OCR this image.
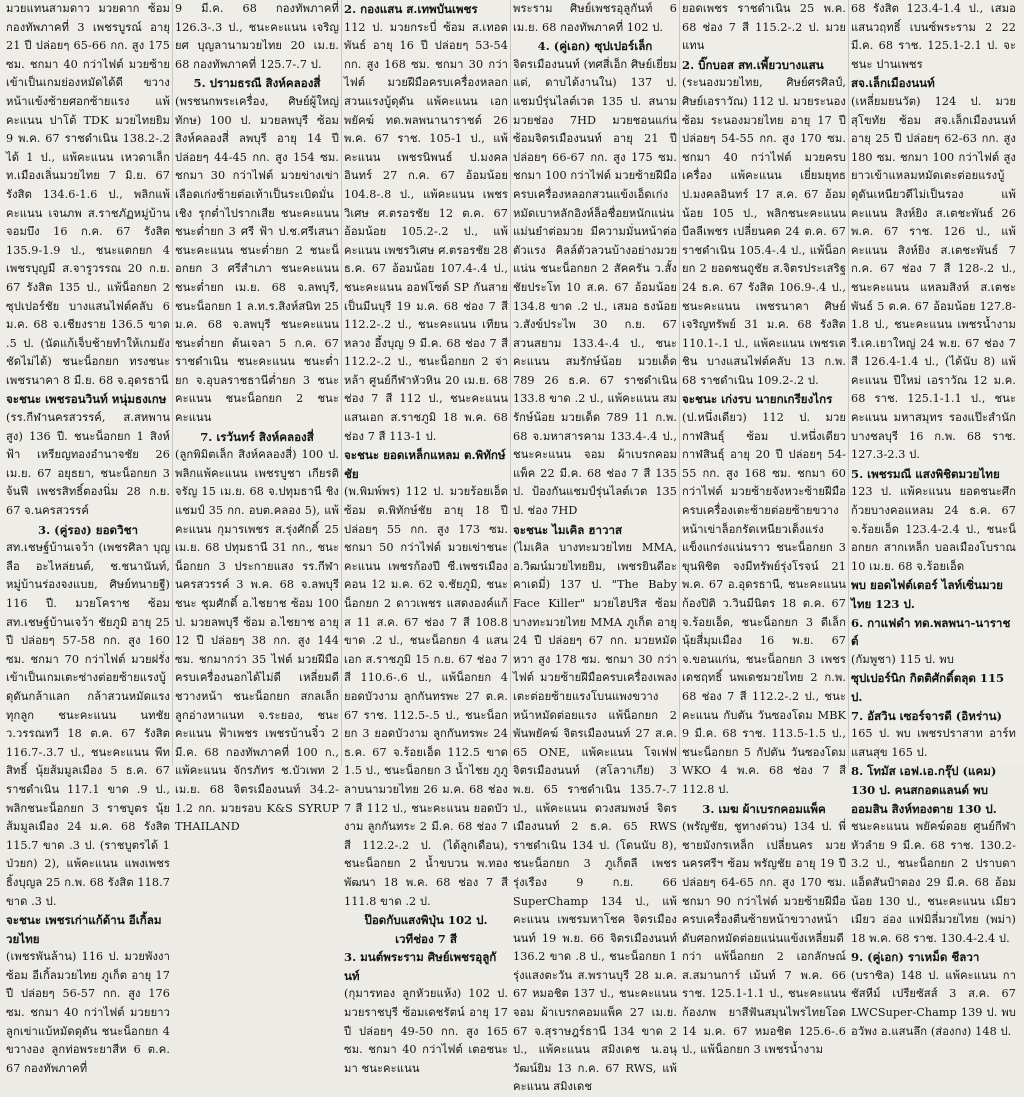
มวยแทนสามดาว มวยดาก ซ้อมกองทัพภาคที่ 3 เพชรบูรณ์ อายุ 21 ปี ปล่อยๆ 65-66 กก. สูง 175 ซม. ชกมา 40 กว่าไฟต์ มวยซ้ายเข้าเป็นเกมย่องหมัดได้ดี ขวางหน้าแข้งซ้ายศอกซ้ายแรง แพ้คะแนน ปาโต้ TDK มวยไทยยิม 9 พ.ค. 67 ราชดำเนิน 138.2-.2 ได้ 1 ป., แพ้คะแนน เหวดาเล็ก ท.เมืองเลิ่นมวยไทย 7 มิ.ย. 67 รังสิต 134.6-1.6 ป., พลิกแพ้คะแนน เจนภพ ส.ราชภัฏหมู่บ้านจอมบึง 16 ก.ค. 67 รังสิต 135.9-1.9 ป., ชนะแตกยก 4 เพชรบุญมี ส.จารูวรรณ 20 ก.ย. 67 รังสิต 135 ป., แพ้น็อกยก 2 ซุปเปอร์ชัย บางแสนไฟต์คลับ 6 ม.ค. 68 จ.เชียงราย 136.5 ขาด .5 ป. (นัดแก้เจ็บช้ายทำให้เกมยังชัดไม่ได้) ชนะน็อกยก ทรงชนะ เพชรนาคา 8 มี.ย. 68 จ.อุดรธานี

จะชนะ เพชรอนวินท์ หนุ่มธงเกษ

(รร.กีฬานครสวรรค์, ส.สหพานสูง) 136 ปี. ชนะน็อกยก 1 สิงห์ฟ้า เหรียญทองอำนาจชัย 26 เม.ย. 67 อยุธยา, ชนะน็อกยก 3 จ้นฟี เพชรสิทธิ์ตองนิ่ม 28 ก.ย. 67 จ.นครสวรรค์

3. (คู่รอง) ยอดวิชา

สท.เชษฐ์บ้านเจว้า (เพชรศิลา บุญลือ อะไหล่ยนต์, ช.ชนานันท์, หมู่บ้านร่องจงแบย, ศิษย์ทนายฐี) 116 ปี. มวยโคราช ซ้อม สท.เชษฐ์บ้านเจว้า ชัยภูมิ อายุ 25 ปี ปล่อยๆ 57-58 กก. สูง 160 ซม. ชกมา 70 กว่าไฟต์ มวยฝรั่งเข้าเป็นเกมเตะซ่างต่อยซ้ายแรงบู้ดุดันกล้าแลก กล้าสวนหมัดแรงทุกลูก ชนะคะแนน นทชัย ว.วรรณทวี 18 ต.ค. 67 รังสิต 116.7-.3.7 ป., ชนะคะแนน พีทสิทธิ์ นุ้ยส้มมูลเมือง 5 ธ.ค. 67 ราชดำเนิน 117.1 ขาด .9 ป., พลิกชนะน็อกยก 3 ราชบูตร นุ้ยส้มมูลเมือง 24 ม.ค. 68 รังสิต 115.7 ขาด .3 ป. (ราชบูตรได้ 1 ป่วยก) 2), แพ้คะแนน แพงเพชร ธิ้งบุญล 25 ก.พ. 68 รังสิต 118.7 ขาด .3 ป.

จะชนะ เพชรเก่าแก้ด้าน อีเกิ้ลมวยไทย

(เพชรพันล้าน) 116 ป. มวยพังงา ซ้อม อีเกิ้ลมวยไทย ภูเก็ต อายุ 17 ปี ปล่อยๆ 56-57 กก. สูง 176 ซม. ชกมา 40 กว่าไฟต์ มวยยาวลูกเข่าแบ้หมัดดุดัน ชนะน็อกยก 4 ขวางอง ลูกท่อพระยาสีห 6 ต.ค. 67 กองทัพภาคที่

9 มี.ค. 68 กองทัพภาคที่ 126.3-.3 ป., ชนะคะแนน เจริญยศ บุญลานามวยไทย 20 เม.ย. 68 กองทัพภาคที่ 125.7-.7 ป.

5. ปรามธรณี สิงห์คลองสี่

(พรชนกพระเครื่อง, ศิษย์ผู้ใหญ่ทักษ) 100 ป. มวยลพบุรี ซ้อม สิงห์คลองสี่ ลพบุรี อายุ 14 ปี ปล่อยๆ 44-45 กก. สูง 154 ซม. ชกมา 30 กว่าไฟต์ มวยข่างเข่าเลือดเก่งซ้ายต่อเท้าเป็นระเบิดมั่นเชิง รุกต่ำไปรากเสีย ชนะคะแนน ชนะต่ำยก 3 ศรี ฟ้า ป.ช.ศรีเสนา ชนะคะแนน ชนะต่ำยก 2 ชนะน็อกยก 3 ศรีสำเภา ชนะคะแนน ชนะต่ำยก เม.ย. 68 จ.ลพบุรี, ชนะน็อกยก 1 ล.ท.ร.สิงห์สนิท 25 ม.ค. 68 จ.ลพบุรี ชนะคะแนน ชนะต่ำยก ต้นเจลา 5 ก.ค. 67 ราชดำเนิน ชนะคะแนน ชนะต่ำยก จ.อุบลราชธานีต่ำยก 3 ชนะคะแนน ชนะน็อกยก 2 ชนะคะแนน

7. เรวันทร์ สิงห์คลองสี่

(ลูกพิมิตเล็ก สิงห์คลองสี่) 100 ป. พลิกแพ้คะแนน เพชรบูชา เกียรติจรัญ 15 เม.ย. 68 จ.ปทุมธานี ชิงแชมป์ 35 กก. อบต.คลอง 5), แพ้คะแนน กุมารเพชร ส.รุ่งศักดิ์ 25 เม.ย. 68 ปทุมธานี 31 กก., ชนะน็อกยก 3 ประกายแสง รร.กีฬานครสวรรค์ 3 พ.ค. 68 จ.ลพบุรี ชนะ ชุมศักดิ์ อ.ไชยาช ซ้อม 100 ป. มวยลพบุรี ซ้อม อ.ไชยาช อายุ 12 ปี ปล่อยๆ 38 กก. สูง 144 ซม. ชกมากว่า 35 ไฟต์ มวยฝีมือครบเครื่องนอกได้ไม่ดี เหลี่ยมดีชวางหน้า ชนะน็อกยก สกลเล็ก ลูกอ่างหาแนท จ.ระยอง, ชนะคะแนน ฟ้าเพชร เพชรบ้านจิ๋ว 2 มี.ค. 68 กองทัพภาคที่ 100 ก., แพ้คะแนน จักรภัทร ช.บัวเพท 2 เม.ย. 68 จิตรเมืองนนท์ 34.2-1.2 กก. มวยรอบ K&S SYRUP THAILAND

2. กองแสน ส.เทพบันเพชร

112 ป. มวยกระบี่ ซ้อม ส.เทอดพันธ์ อายุ 16 ปี ปล่อยๆ 53-54 กก. สูง 168 ซม. ชกมา 30 กว่าไฟต์ มวยฝีมือครบเครื่องหลอกสวนแรงบู้ดุดัน แพ้คะแนน เอกพยัคฆ์ ทด.พลพนานาราชต์ 26 พ.ค. 67 ราช. 105-1 ป., แพ้คะแนน เพชรนิพนธ์ ป.มงคลอินทร์ 27 ก.ค. 67 อ้อมน้อย 104.8-.8 ป., แพ้คะแนน เพชรวิเศษ ศ.ตรอรชัย 12 ต.ค. 67 อ้อมน้อย 105.2-.2 ป., แพ้คะแนน เพชรวิเศษ ศ.ตรอรชัย 28 ธ.ค. 67 อ้อมน้อย 107.4-.4 ป., ชนะคะแนน ออฟโซต์ SP กันสายเป็นมีนบุรี 19 ม.ค. 68 ช่อง 7 สี 112.2-.2 ป., ชนะคะแนน เทียนหลวง อึ้งบุญ 9 มี.ค. 68 ช่อง 7 สี 112.2-.2 ป., ชนะน็อกยก 2 จ่าหล้า ศูนย์กีฬาหัวหิน 20 เม.ย. 68 ช่อง 7 สี 112 ป., ชนะคะแนน แสนเอก ส.ราชภูมิ 18 พ.ค. 68 ช่อง 7 สี 113-1 ป.

จะชนะ ยอดเหล็กแหลม ต.พิทักษ์ชัย

(พ.พิมพ์พร) 112 ป. มวยร้อยเอ็ด ซ้อม ต.พิทักษ์ชัย อายุ 18 ปี ปล่อยๆ 55 กก. สูง 173 ซม. ชกมา 50 กว่าไฟต์ มวยเข่าชนะคะแนน เพชรก้องปี ซี.เพชรเมืองคอน 12 ม.ค. 62 จ.ชัยภูมิ, ชนะน็อกยก 2 ดาวเพชร แสดงองค์แก้ส 11 ส.ค. 67 ช่อง 7 สี 108.8 ขาด .2 ป., ชนะน็อกยก 4 แสนเอก ส.ราชภูมิ 15 ก.ย. 67 ช่อง 7 สี 110.6-.6 ป., แพ้น็อกยก 4 ยอดบัวงาม ลูกกันทรพะ 27 ต.ค. 67 ราช. 112.5-.5 ป., ชนะน็อกยก 3 ยอดบัวงาม ลูกกันทรพะ 24 ธ.ค. 67 จ.ร้อยเอ็ด 112.5 ขาด 1.5 ป., ชนะน็อกยก 3 น้ำไชย ภูภูลาบนามวยไทย 26 ม.ค. 68 ช่อง 7 สี 112 ป., ชนะคะแนน ยอดบัวงาม ลูกกันทระ 2 มี.ค. 68 ช่อง 7 สี 112.2-.2 ป. (ได้ลูกเดือน), ชนะน็อกยก 2 น้ำขบวน พ.ทองพัฒนา 18 พ.ค. 68 ช่อง 7 สี 111.8 ขาด .2 ป.

ป๊อดกับแสงพิปุ่น 102 ป.

เวทีช่อง 7 สี

3. มนต์พระราม ศิษย์เพชรอุลูกันท์

(กุมารทอง ลูกหัวยแห้ง) 102 ป. มวยราชบุรี ซ้อมเดชรัตน์ อายุ 17 ปี ปล่อยๆ 49-50 กก. สูง 165 ซม. ชกมา 40 กว่าไฟต์ เตอชนะมา ชนะคะแนน

พระราม ศิษย์เพชรอุลูกันท์ 6 เม.ย. 68 กองทัพภาคที่ 102 ป.

4. (คู่เอก) ซุปเปอร์เล็ก

จิตรเมืองนนท์ (ทศสี่เอ็ก ศิษย์เยี่ยมแต่, ดาบได้งานใน) 137 ป. แชมป์รุ่นไลต์เวต 135 ป. สนามมวยช่อง 7HD มวยชอนแก่น ซ้อมจิตรเมืองนนท์ อายุ 21 ปี ปล่อยๆ 66-67 กก. สูง 175 ซม. ชกมา 100 กว่าไฟต์ มวยซ้ายฝีมือครบเครื่องหลอกสวนแข้งเอ็ดเก่งหมัดเบาหลักอิงห์ล็อชื่อยหนักแน่นแม่นยำต่อมวย มีความมั่นหน้าต่อตัวแรง คิลล์ตัวลวนบ้างอย่างมวยแน่น ชนะน็อกยก 2 สัคครัน ว.สั้งชัยประโท 10 ส.ค. 67 อ้อมน้อย 134.8 ขาด .2 ป., เสมอ ธงน้อย ว.สังข์ประไพ 30 ก.ย. 67 สวนสยาม 133.4-.4 ป., ชนะคะแนน สมรักษ์น้อย มวยเด็ด 789 26 ธ.ค. 67 ราชดำเนิน 133.8 ขาด .2 ป., แพ้คะแนน สมรักษ์น้อย มวยเด็ด 789 11 ก.พ. 68 จ.มหาสารคาม 133.4-.4 ป., ชนะคะแนน จอม ผ้าเบรกคอมแพ็ค 22 มี.ค. 68 ช่อง 7 สี 135 ป. ป้องกันแชมป์รุ่นไลต์เวต 135 ป. ช่อง 7HD

จะชนะ ไมเคิล ฮาวาส

(ไมเคิล บางทะมวยไทย MMA, อ.วิฒน์มวยไทยยิม, เพชรยินดีอะคาเดมี่) 137 ป. "The Baby Face Killer" มวยไฮปริส ซ้อม บางทะมวยไทย MMA ภูเก็ต อายุ 24 ปี ปล่อยๆ 67 กก. มวยหมัดหวา สูง 178 ซม. ชกมา 30 กว่าไฟต์ มวยซ้ายฝีมือครบเครื่องเพลงเตะต่อยซ้ายแรงโบนแพงขวางหน้าหมัดต่อยแรง แพ้น็อกยก 2 พันพยัคฆ์ จิตรเมืองนนท์ 27 ส.ค. 65 ONE, แพ้คะแนน โจเฟฟ จิตรเมืองนนท์ (สโลวาเกีย) 3 พ.ย. 65 ราชดำเนิน 135.7-.7 ป., แพ้คะแนน ดวงสมพงษ์ จิตรเมืองนนท์ 2 ธ.ค. 65 RWS ราชดำเนิน 134 ป. (โดนนับ 8), ชนะน็อกยก 3 ภูเก็ตลี เพชรรุ่งเรือง 9 ก.ย. 66 SuperChamp 134 ป., แพ้คะแนน เพชรมหาโชค จิตรเมืองนนท์ 19 พ.ย. 66 จิตรเมืองนนท์ 136.2 ขาด .8 ป., ชนะน็อกยก 1 รุ่งแสงตะวัน ส.พรานบุรี 28 ม.ค. 67 หมอชิต 137 ป., ชนะคะแนน จอม ผ้าเบรกคอมแพ็ค 27 เม.ย. 67 จ.สุราษฎร์ธานี 134 ขาด 2 ป., แพ้คะแนน สมิงเดช น.อนุวัฒน์ยิม 13 ก.ค. 67 RWS, แพ้คะแนน สมิงเดช

ยอดเพชร ราชดำเนิน 25 พ.ค. 68 ช่อง 7 สี 115.2-.2 ป. มวยแทน

2. บิ๊กบอส สท.เพี้ยวบางแสน

(ระนองมวยไทย, ศิษย์ศรศิลป์, ศิษย์เอราวัณ) 112 ป. มวยระนอง ซ้อม ระนองมวยไทย อายุ 17 ปี ปล่อยๆ 54-55 กก. สูง 170 ซม. ชกมา 40 กว่าไฟต์ มวยครบเครื่อง แพ้คะแนน เยี่ยมยุทธ ป.มงคลอินทร์ 17 ส.ค. 67 อ้อมน้อย 105 ป., พลิกชนะคะแนน บีลลีเพชร เปลี่ยนคด 24 ต.ค. 67 ราชดำเนิน 105.4-.4 ป., แพ้น็อกยก 2 ยอดชนถูชัย ส.จิตรประเสริฐ 24 ธ.ค. 67 รังสิต 106.9-.4 ป., ชนะคะแนน เพชรนาคา ศิษย์เจริญทรัพย์ 31 ม.ค. 68 รังสิต 110.1-.1 ป., แพ้คะแนน เพชรเตชิน บางแสนไฟต์คลับ 13 ก.พ. 68 ราชดำเนิน 109.2-.2 ป.

จะชนะ เก่งรบ นายกเกรียงไกร

(ป.หนึ่งเดียว) 112 ป. มวยกาฬสินธุ์ ซ้อม ป.หนึ่งเดียว กาฬสินธุ์ อายุ 20 ปี ปล่อยๆ 54-55 กก. สูง 168 ซม. ชกมา 60 กว่าไฟต์ มวยซ้ายจังหวะซ้ายฝีมือครบเครื่องเตะซ้ายต่อยซ้ายขวางหน้าเข่าล็อกรัดเหนียวเต็งแร่งแข็งแกร่งแน่นราว ชนะน็อกยก 3 ขุนพิชิต จงมีทรัพย์รุ่งโรจน์ 21 พ.ค. 67 อ.อุดรธานี, ชนะคะแนน ก้องปิติ ว.วินมีนิตร 18 ต.ค. 67 จ.ร้อยเอ็ด, ชนะน็อกยก 3 ดีเล็ก นุ้ยสี่มุมเมือง 16 พ.ย. 67 จ.ขอนแก่น, ชนะน็อกยก 3 เพชรเดชฤทธิ์ นพเดชมวยไทย 2 ก.พ. 68 ช่อง 7 สี 112.2-.2 ป., ชนะคะแนน กับตัน วันซองโดม MBK 9 มี.ค. 68 ราช. 113.5-1.5 ป., ชนะน็อกยก 5 กัปตัน วันซองโดม WKO 4 พ.ค. 68 ช่อง 7 สี 112.8 ป.

3. เมฆ ผ้าเบรกคอมแพ็ค

(พรัญชัย, ชูทางด่วน) 134 ป. พี่ชายมังกรเหล็ก เปลี่ยนคร มวยนครศรีฯ ซ้อม พรัญชัย อายุ 19 ปี ปล่อยๆ 64-65 กก. สูง 170 ซม. ชกมา 90 กว่าไฟต์ มวยซ้ายฝีมือครบเครื่องตีนซ้ายหน้าขวางหน้าดับศอกหมัดต่อยแน่นแข้งเหลี่ยมดีกว่า แพ้น็อกยก 2 เอกลักษณ์ ส.สมานการ์ เม้นท์ 7 พ.ค. 66 ราช. 125.1-1.1 ป., ชนะคะแนน ก้องภพ ยาสีฟันสมุนไพรไทยโอด 14 ม.ค. 67 หมอชิต 125.6-.6 ป., แพ้น็อกยก 3 เพชรน้ำงาม

68 รังสิต 123.4-1.4 ป., เสมอ แสนวฤทธิ์ เบนซ์พระราม 2 22 มี.ค. 68 ราช. 125.1-2.1 ป. จะชนะ ปานเพชร

สจ.เล็กเมืองนนท์

(เหลี่ยมยนวัต) 124 ป. มวยสุโขทัย ซ้อม สจ.เล็กเมืองนนท์ อายุ 25 ปี ปล่อยๆ 62-63 กก. สูง 180 ซม. ชกมา 100 กว่าไฟต์ สูงยาวเข้าแหลมหมัดเตะต่อยแรงบู้ดุดันเหนียวดีไม่เป็นรอง แพ้คะแนน สิงห์ยิง ส.เตชะพันธ์ 26 พ.ค. 67 ราช. 126 ป., แพ้คะแนน สิงห์ยิง ส.เตชะพันธ์ 7 ก.ค. 67 ช่อง 7 สี 128-.2 ป., ชนะคะแนน แหลมสิงห์ ส.เตชะพันธ์ 5 ต.ค. 67 อ้อมน้อย 127.8-1.8 ป., ชนะคะแนน เพชรน้ำงาม รี.เค.เยาใหญ่ 24 พ.ย. 67 ช่อง 7 สี 126.4-1.4 ป., (ได้นับ 8) แพ้คะแนน ปีใหม่ เอราวัณ 12 ม.ค. 68 ราช. 125.1-1.1 ป., ชนะคะแนน มหาสมุทร รองแป๊ะสำนักบางชลบุรี 16 ก.พ. 68 ราช. 127.3-2.3 ป.

5. เพชรมณี แสงพิชิตมวยไทย

123 ป. แพ้คะแนน ยอดชนะศึก ก้วยบางคอแหลม 24 ธ.ค. 67 จ.ร้อยเอ็ด 123.4-2.4 ป., ชนะน็อกยก สากเหล็ก บอลเมืองโบราณ 10 เม.ย. 68 จ.ร้อยเอ็ด

พบ ยอดไฟต์เตอร์ ไลท์เซิ่นมวยไทย 123 ป.

6. กาแฟดำ ทด.พลพนา-นาราชต์

(กัมพูชา) 115 ป. พบ

ซุปเปอร์นิก กิตติศักดิ์ตลุด 115 ป.

7. อัสวิน เซอร์จารดี (อิหร่าน)

165 ป. พบ เพชรปราสาท อาร์ทแสนสุข 165 ป.

8. โทมัส เอฟ.เอ.กรุ๊ป (แคม) 130 ป. คนสกอตแลนด์ พบ ออมสิน สิงห์ทองตาย 130 ป.

ชนะคะแนน พยัคฆ์ดอย ศูนย์กีฬาหัวลำย 9 มี.ค. 68 ราช. 130.2-3.2 ป., ชนะน็อกยก 2 ปราบดา แอ็ดสันป๋าตอง 29 มี.ค. 68 อ้อมน้อย 130 ป., ชนะคะแนน เมียวเมียว อ่อง แฟมิลี่มวยไทย (พม่า) 18 พ.ค. 68 ราช. 130.4-2.4 ป.

9. (คู่เอก) ราเหม็ด ชีลวา

(บราซิล) 148 ป. แพ้คะแนน กาชัสหีม์ เปรียซัสส์ 3 ส.ค. 67 LWCSuper-Champ 139 ป. พบ อวัพง อ.แสนลึก (ส่องกง) 148 ป.
